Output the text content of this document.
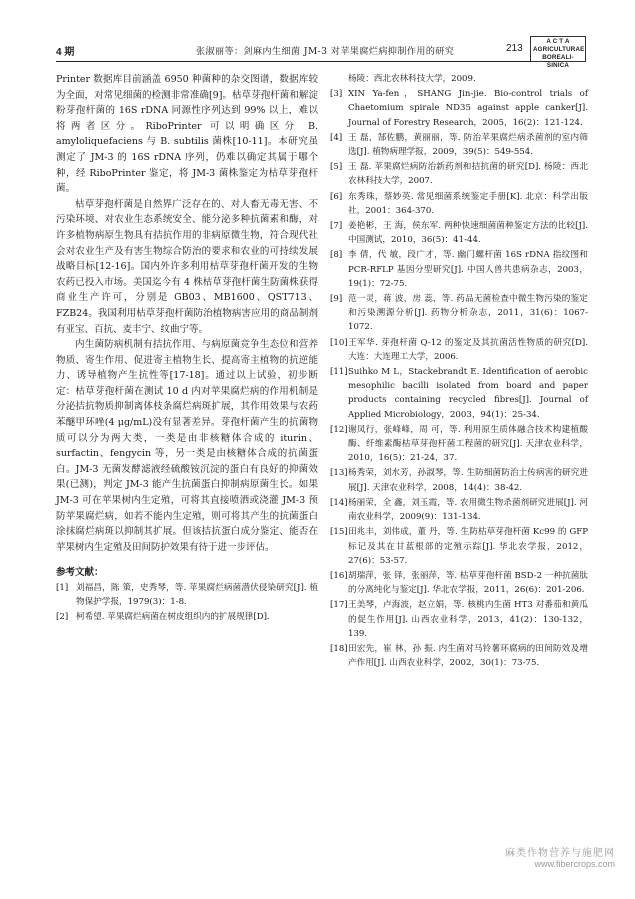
4 期	张淑丽等：剑麻内生细菌 JM-3 对苹果腐烂病抑制作用的研究	213
A C T A
AGRICULTURAE
BOREALI-SINICA

Printer 数据库目前涵盖 6950 种菌种的杂交图谱，数据库较为全面，对常见细菌的检测非常准确[9]。枯草芽孢杆菌和解淀粉芽孢杆菌的 16S rDNA 同源性序列达到 99% 以上，难以将两者区分。RiboPrinter 可以明确区分 B. amyloliquefaciens 与 B. subtilis 菌株[10-11]。本研究虽测定了 JM-3 的 16S rDNA 序列，仍难以确定其属于哪个种，经 RiboPrinter 鉴定，将 JM-3 菌株鉴定为枯草芽孢杆菌。

枯草芽孢杆菌是自然界广泛存在的、对人畜无毒无害、不污染环境、对农业生态系统安全、能分泌多种抗菌素和酶，对许多植物病原生物具有拮抗作用的非病原微生物，符合现代社会对农业生产及有害生物综合防治的要求和农业的可持续发展战略目标[12-16]。国内外许多利用枯草芽孢杆菌开发的生物农药已投入市场。美国迄今有 4 株枯草芽孢杆菌生防菌株获得商业生产许可，分别是 GB03、MB1600、QST713、FZB24。我国利用枯草芽孢杆菌防治植物病害应用的商品制剂有亚宝、百抗、麦丰宁、纹曲宁等。

内生菌防病机制有拮抗作用、与病原菌竞争生态位和营养物质、寄生作用、促进寄主植物生长、提高寄主植物的抗逆能力、诱导植物产生抗性等[17-18]。通过以上试验，初步断定：枯草芽孢杆菌在测试 10 d 内对苹果腐烂病的作用机制是分泌拮抗物质抑制离体枝条腐烂病斑扩展，其作用效果与农药苯醚甲环唑(4 μg/mL)没有显著差异。芽孢杆菌产生的抗菌物质可以分为两大类，一类是由非核糖体合成的 iturin、surfactin、fengycin 等，另一类是由核糖体合成的抗菌蛋白。JM-3 无菌发酵滤液经硫酸铵沉淀的蛋白有良好的抑菌效果(已测)，判定 JM-3 能产生抗菌蛋白抑制病原菌生长。如果 JM-3 可在苹果树内生定殖，可将其直接喷洒或浇灌 JM-3 预防苹果腐烂病，如若不能内生定殖，则可将其产生的抗菌蛋白涂抹腐烂病斑以抑制其扩展。但该拮抗蛋白成分鉴定、能否在苹果树内生定殖及田间防护效果有待于进一步评估。

参考文献：
[1] 刘福昌，陈 策，史秀琴，等. 苹果腐烂病菌潜伏侵染研究[J]. 植物保护学报，1979(3)：1-8.
[2] 柯希望. 苹果腐烂病菌在树皮组织内的扩展规律[D].
杨陵：西北农林科技大学，2009.
[3] XIN Ya-fen，SHANG Jin-jie. Bio-control trials of Chaetomium spirale ND35 against apple canker[J]. Journal of Forestry Research，2005，16(2)：121-124.
[4] 王 磊，郜佐鹏，黄丽丽，等. 防治苹果腐烂病杀菌剂的室内筛选[J]. 植物病理学报，2009，39(5)：549-554.
[5] 王 磊. 苹果腐烂病防治新药剂和拮抗菌的研究[D]. 杨陵：西北农林科技大学，2007.
[6] 东秀珠，蔡妙英. 常见细菌系统鉴定手册[K]. 北京：科学出版社，2001：364-370.
[7] 姜艳彬，王 海，侯东军. 两种快速细菌菌种鉴定方法的比较[J]. 中国测试，2010，36(5)：41-44.
[8] 李 倩，代 敏，段广才，等. 幽门螺杆菌 16S rDNA 指纹图和 PCR-RFLP 基因分型研究[J]. 中国人兽共患病杂志，2003，19(1)：72-75.
[9] 范一灵，蒋 波，房 蕊，等. 药品无菌检查中微生物污染的鉴定和污染溯源分析[J]. 药物分析杂志，2011，31(6)：1067-1072.
[10] 王军华. 芽孢杆菌 Q-12 的鉴定及其抗菌活性物质的研究[D]. 大连：大连理工大学，2006.
[11] Suihko M L，Stackebrandt E. Identification of aerobic mesophilic bacilli isolated from board and paper products containing recycled fibres[J]. Journal of Applied Microbiology，2003，94(1)：25-34.
[12] 谢凤行，张峰峰，周 可，等. 利用原生质体融合技术构建植酸酶、纤维素酶枯草芽孢杆菌工程菌的研究[J]. 天津农业科学，2010，16(5)：21-24，37.
[13] 杨秀荣，刘水芳，孙淑琴，等. 生防细菌防治土传病害的研究进展[J]. 天津农业科学，2008，14(4)：38-42.
[14] 杨丽荣，全 鑫，刘玉霞，等. 农用微生物杀菌剂研究进展[J]. 河南农业科学，2009(9)：131-134.
[15] 田兆丰，刘伟成，董 丹，等. 生防枯草芽孢杆菌 Kc99 的 GFP 标记及其在甘蓝根部的定殖示踪[J]. 华北农学报，2012，27(6)：53-57.
[16] 胡瑞萍，张 铎，张丽萍，等. 枯草芽孢杆菌 BSD-2 一种抗菌肽的分离纯化与鉴定[J]. 华北农学报，2011，26(6)：201-206.
[17] 王美琴，卢海波，赵立娟，等. 核桃内生菌 HT3 对番茄和黄瓜的促生作用[J]. 山西农业科学，2013，41(2)：130-132，139.
[18] 田宏先，崔 林，孙 振. 内生菌对马铃薯环腐病的田间防效及增产作用[J]. 山西农业科学，2002，30(1)：73-75.
麻类作物营养与施肥网
www.fibercrops.com
